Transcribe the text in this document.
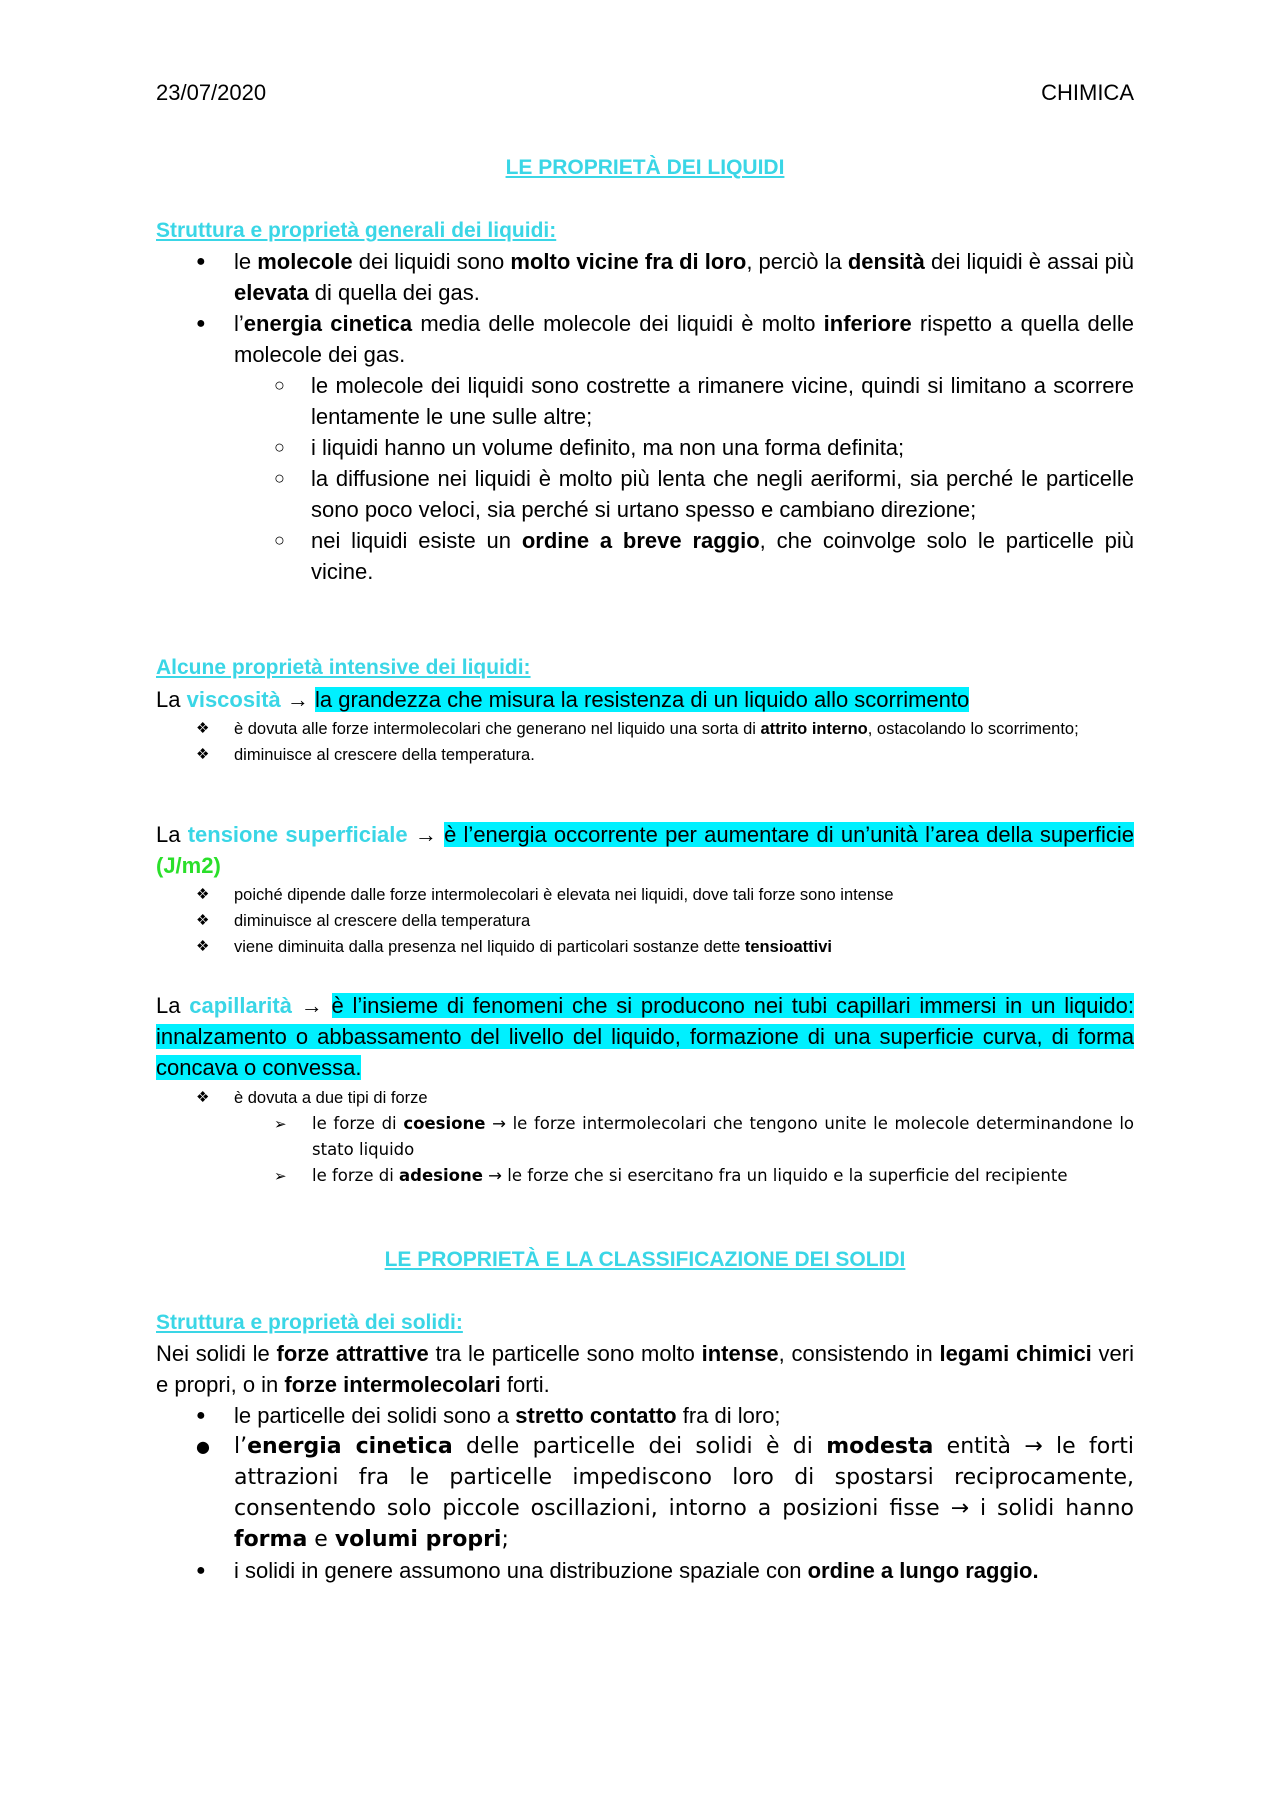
23/07/2020	CHIMICA
LE PROPRIETÀ DEI LIQUIDI
Struttura e proprietà generali dei liquidi:
● le molecole dei liquidi sono molto vicine fra di loro, perciò la densità dei liquidi è assai più elevata di quella dei gas.
● l’energia cinetica media delle molecole dei liquidi è molto inferiore rispetto a quella delle molecole dei gas.
○ le molecole dei liquidi sono costrette a rimanere vicine, quindi si limitano a scorrere lentamente le une sulle altre;
○ i liquidi hanno un volume definito, ma non una forma definita;
○ la diffusione nei liquidi è molto più lenta che negli aeriformi, sia perché le particelle sono poco veloci, sia perché si urtano spesso e cambiano direzione;
○ nei liquidi esiste un ordine a breve raggio, che coinvolge solo le particelle più vicine.
Alcune proprietà intensive dei liquidi:
La viscosità → la grandezza che misura la resistenza di un liquido allo scorrimento
❖ è dovuta alle forze intermolecolari che generano nel liquido una sorta di attrito interno, ostacolando lo scorrimento;
❖ diminuisce al crescere della temperatura.
La tensione superficiale → è l’energia occorrente per aumentare di un’unità l’area della superficie (J/m2)
❖ poiché dipende dalle forze intermolecolari è elevata nei liquidi, dove tali forze sono intense
❖ diminuisce al crescere della temperatura
❖ viene diminuita dalla presenza nel liquido di particolari sostanze dette tensioattivi
La capillarità → è l’insieme di fenomeni che si producono nei tubi capillari immersi in un liquido: innalzamento o abbassamento del livello del liquido, formazione di una superficie curva, di forma concava o convessa.
❖ è dovuta a due tipi di forze
➢ le forze di coesione → le forze intermolecolari che tengono unite le molecole determinandone lo stato liquido
➢ le forze di adesione → le forze che si esercitano fra un liquido e la superficie del recipiente
LE PROPRIETÀ E LA CLASSIFICAZIONE DEI SOLIDI
Struttura e proprietà dei solidi:
Nei solidi le forze attrattive tra le particelle sono molto intense, consistendo in legami chimici veri e propri, o in forze intermolecolari forti.
● le particelle dei solidi sono a stretto contatto fra di loro;
● l’energia cinetica delle particelle dei solidi è di modesta entità → le forti attrazioni fra le particelle impediscono loro di spostarsi reciprocamente, consentendo solo piccole oscillazioni, intorno a posizioni fisse → i solidi hanno forma e volumi propri;
● i solidi in genere assumono una distribuzione spaziale con ordine a lungo raggio.
